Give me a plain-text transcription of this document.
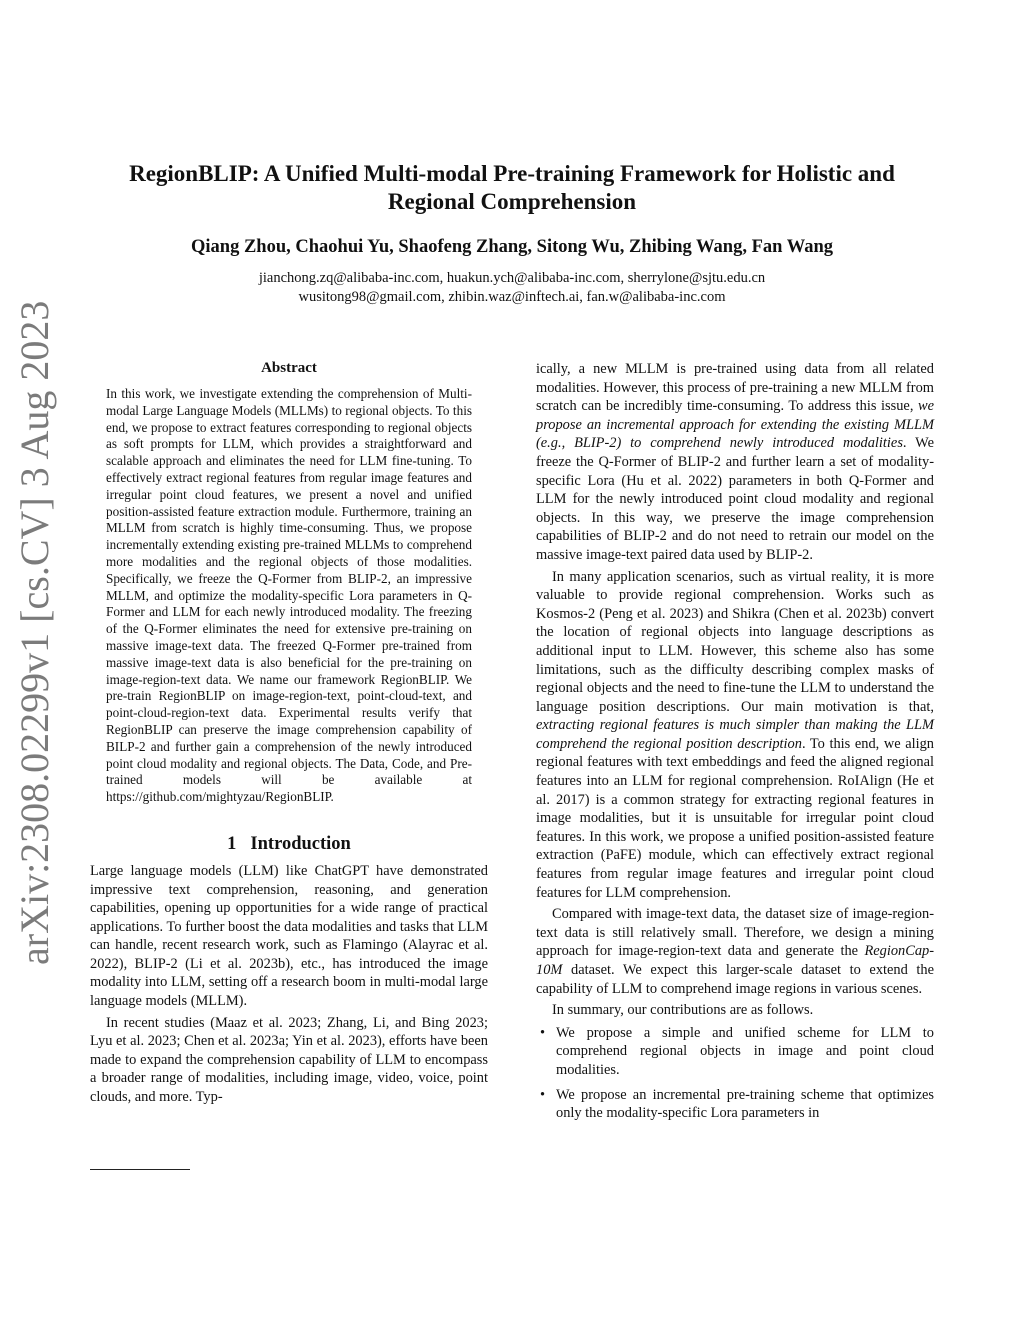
RegionBLIP: A Unified Multi-modal Pre-training Framework for Holistic and Regional Comprehension
Qiang Zhou, Chaohui Yu, Shaofeng Zhang, Sitong Wu, Zhibing Wang, Fan Wang
jianchong.zq@alibaba-inc.com, huakun.ych@alibaba-inc.com, sherrylone@sjtu.edu.cn
wusitong98@gmail.com, zhibin.waz@inftech.ai, fan.w@alibaba-inc.com
arXiv:2308.02299v1 [cs.CV] 3 Aug 2023	Abstract
In this work, we investigate extending the comprehension of Multi-modal Large Language Models (MLLMs) to regional objects. To this end, we propose to extract features corresponding to regional objects as soft prompts for LLM, which provides a straightforward and scalable approach and eliminates the need for LLM fine-tuning. To effectively extract regional features from regular image features and irregular point cloud features, we present a novel and unified position-assisted feature extraction module. Furthermore, training an MLLM from scratch is highly time-consuming. Thus, we propose incrementally extending existing pre-trained MLLMs to comprehend more modalities and the regional objects of those modalities. Specifically, we freeze the Q-Former from BLIP-2, an impressive MLLM, and optimize the modality-specific Lora parameters in Q-Former and LLM for each newly introduced modality. The freezing of the Q-Former eliminates the need for extensive pre-training on massive image-text data. The freezed Q-Former pre-trained from massive image-text data is also beneficial for the pre-training on image-region-text data. We name our framework RegionBLIP. We pre-train RegionBLIP on image-region-text, point-cloud-text, and point-cloud-region-text data. Experimental results verify that RegionBLIP can preserve the image comprehension capability of BILP-2 and further gain a comprehension of the newly introduced point cloud modality and regional objects. The Data, Code, and Pre-trained models will be available at https://github.com/mightyzau/RegionBLIP.
1 Introduction

Large language models (LLM) like ChatGPT have demonstrated impressive text comprehension, reasoning, and generation capabilities, opening up opportunities for a wide range of practical applications. To further boost the data modalities and tasks that LLM can handle, recent research work, such as Flamingo (Alayrac et al. 2022), BLIP-2 (Li et al. 2023b), etc., has introduced the image modality into LLM, setting off a research boom in multi-modal large language models (MLLM).

In recent studies (Maaz et al. 2023; Zhang, Li, and Bing 2023; Lyu et al. 2023; Chen et al. 2023a; Yin et al. 2023), efforts have been made to expand the comprehension capability of LLM to encompass a broader range of modalities, including image, video, voice, point clouds, and more. Typ-

ically, a new MLLM is pre-trained using data from all related modalities. However, this process of pre-training a new MLLM from scratch can be incredibly time-consuming. To address this issue, we propose an incremental approach for extending the existing MLLM (e.g., BLIP-2) to comprehend newly introduced modalities. We freeze the Q-Former of BLIP-2 and further learn a set of modality-specific Lora (Hu et al. 2022) parameters in both Q-Former and LLM for the newly introduced point cloud modality and regional objects. In this way, we preserve the image comprehension capabilities of BLIP-2 and do not need to retrain our model on the massive image-text paired data used by BLIP-2.

In many application scenarios, such as virtual reality, it is more valuable to provide regional comprehension. Works such as Kosmos-2 (Peng et al. 2023) and Shikra (Chen et al. 2023b) convert the location of regional objects into language descriptions as additional input to LLM. However, this scheme also has some limitations, such as the difficulty describing complex masks of regional objects and the need to fine-tune the LLM to understand the language position descriptions. Our main motivation is that, extracting regional features is much simpler than making the LLM comprehend the regional position description. To this end, we align regional features with text embeddings and feed the aligned regional features into an LLM for regional comprehension. RoIAlign (He et al. 2017) is a common strategy for extracting regional features in image modalities, but it is unsuitable for irregular point cloud features. In this work, we propose a unified position-assisted feature extraction (PaFE) module, which can effectively extract regional features from regular image features and irregular point cloud features for LLM comprehension.

Compared with image-text data, the dataset size of image-region-text data is still relatively small. Therefore, we design a mining approach for image-region-text data and generate the RegionCap-10M dataset. We expect this larger-scale dataset to extend the capability of LLM to comprehend image regions in various scenes.

In summary, our contributions are as follows.

• We propose a simple and unified scheme for LLM to comprehend regional objects in image and point cloud modalities.
• We propose an incremental pre-training scheme that optimizes only the modality-specific Lora parameters in
